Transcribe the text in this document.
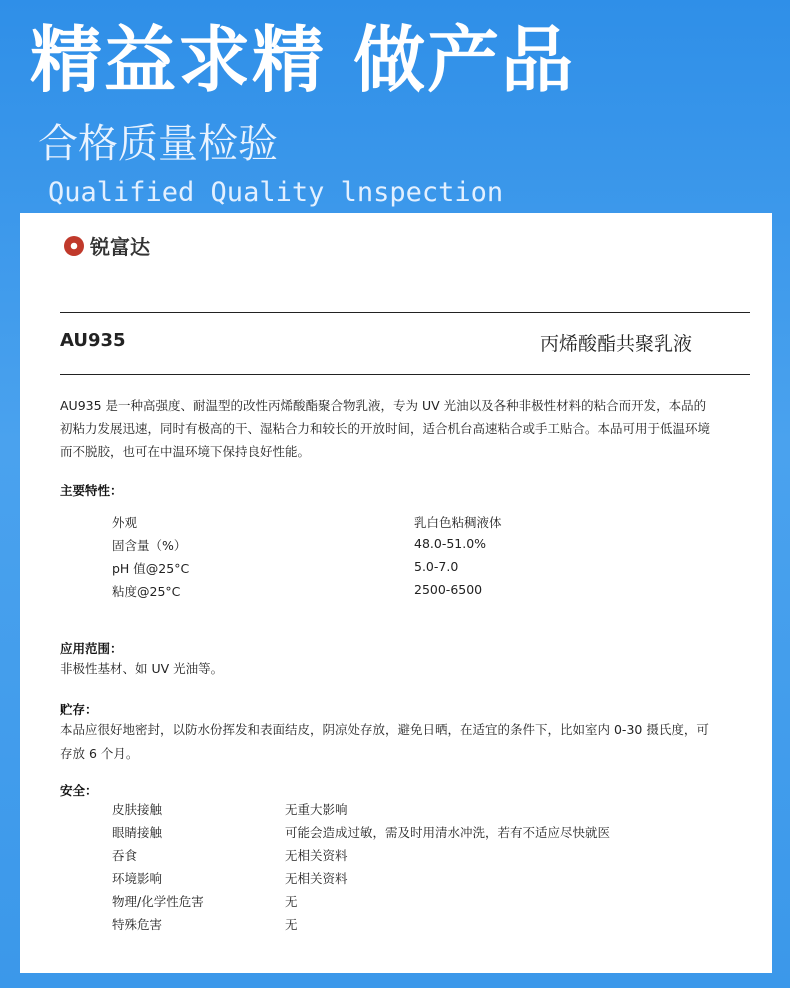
精益求精 做产品
合格质量检验
Qualified Quality lnspection
锐富达
AU935	丙烯酸酯共聚乳液
AU935 是一种高强度、耐温型的改性丙烯酸酯聚合物乳液，专为 UV 光油以及各种非极性材料的粘合而开发，本品的初粘力发展迅速，同时有极高的干、湿粘合力和较长的开放时间，适合机台高速粘合或手工贴合。本品可用于低温环境而不脱胶，也可在中温环境下保持良好性能。
主要特性：
外观	乳白色粘稠液体
固含量（%）	48.0-51.0%
pH 值@25°C	5.0-7.0
粘度@25°C	2500-6500
应用范围：
非极性基材、如 UV 光油等。
贮存：
本品应很好地密封，以防水份挥发和表面结皮，阴凉处存放，避免日晒，在适宜的条件下，比如室内 0-30 摄氏度，可存放 6 个月。
安全：
皮肤接触	无重大影响
眼睛接触	可能会造成过敏，需及时用清水冲洗，若有不适应尽快就医
吞食	无相关资料
环境影响	无相关资料
物理/化学性危害	无
特殊危害	无
